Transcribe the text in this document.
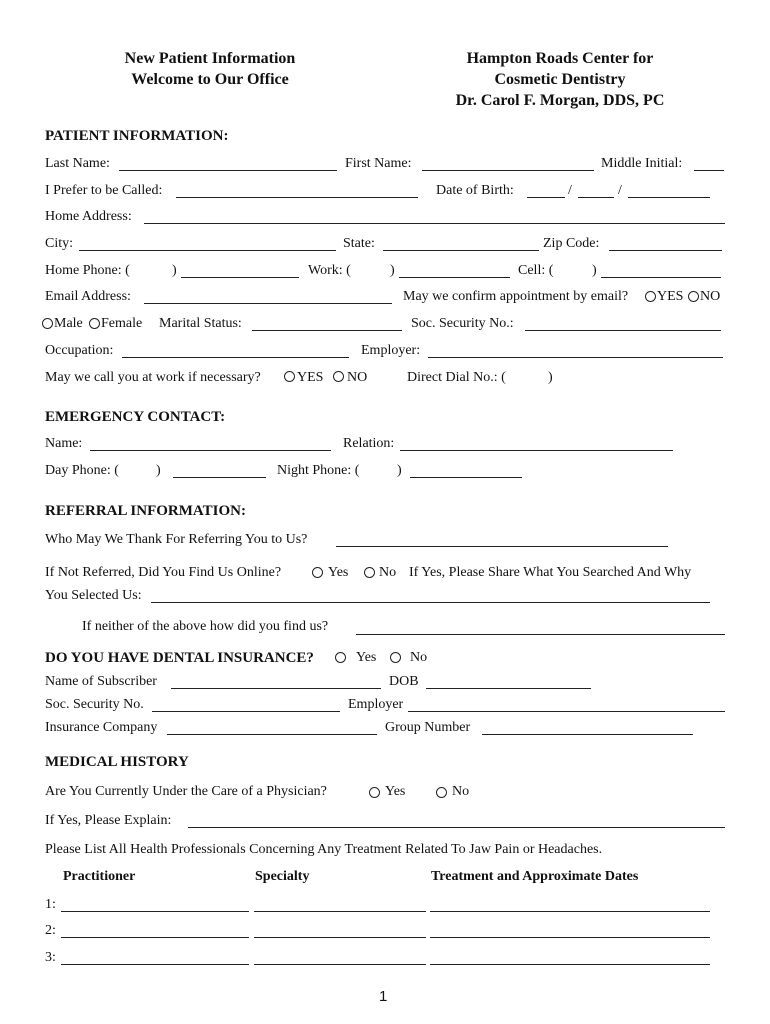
New Patient Information
Welcome to Our Office
Hampton Roads Center for
Cosmetic Dentistry
Dr. Carol F. Morgan, DDS, PC
PATIENT INFORMATION:
Last Name:	First Name:	Middle Initial:
I Prefer to be Called:	Date of Birth:	/	/
Home Address:
City:	State:	Zip Code:
Home Phone: (	)	Work: (	)	Cell: (	)
Email Address:	May we confirm appointment by email? YES NO
Male Female Marital Status:	Soc. Security No.:
Occupation:	Employer:
May we call you at work if necessary?	YES NO	Direct Dial No.: (	)
EMERGENCY CONTACT:
Name:	Relation:
Day Phone: (	)	Night Phone: (	)
REFERRAL INFORMATION:
Who May We Thank For Referring You to Us?
If Not Referred, Did You Find Us Online?	Yes No If Yes, Please Share What You Searched And Why
You Selected Us:
If neither of the above how did you find us?
DO YOU HAVE DENTAL INSURANCE?	Yes No
Name of Subscriber	DOB
Soc. Security No.	Employer
Insurance Company	Group Number
MEDICAL HISTORY
Are You Currently Under the Care of a Physician?	Yes	No
If Yes, Please Explain:
Please List All Health Professionals Concerning Any Treatment Related To Jaw Pain or Headaches.
Practitioner	Specialty	Treatment and Approximate Dates
1:
2:
3:
1
